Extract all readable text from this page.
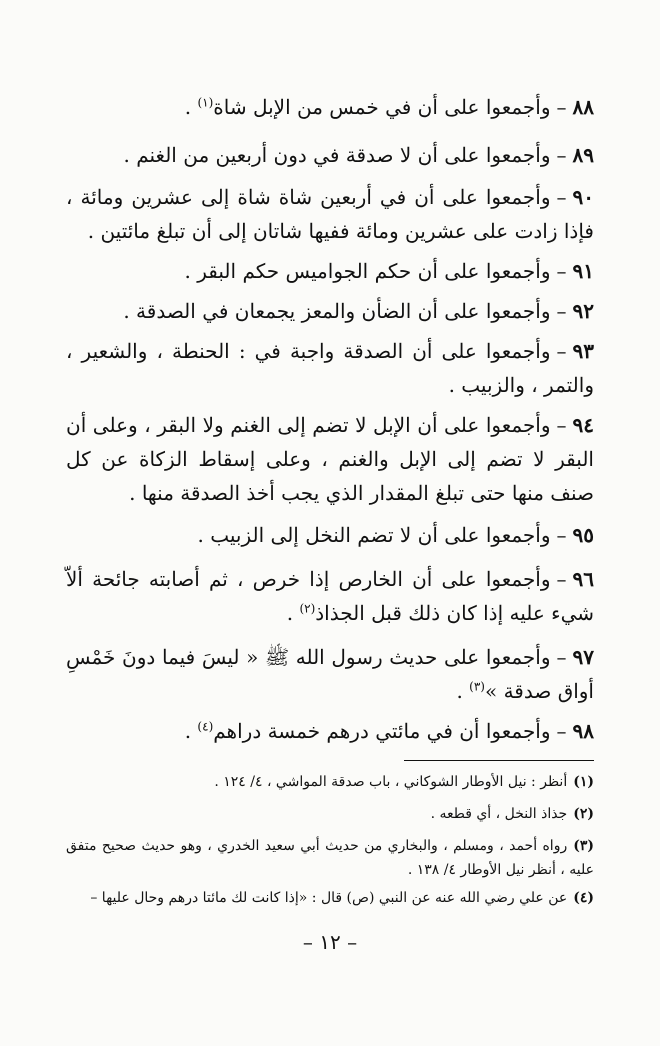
٨٨–وأجمعوا على أن في خمس من الإبل شاة$^{(١)}$ .
٨٩–وأجمعوا على أن لا صدقة في دون أربعين من الغنم .
٩٠–وأجمعوا على أن في أربعين شاة شاة إلى عشرين ومائة ، فإذا زادت على عشرين ومائة ففيها شاتان إلى أن تبلغ مائتين .
٩١–وأجمعوا على أن حكم الجواميس حكم البقر .
٩٢–وأجمعوا على أن الضأن والمعز يجمعان في الصدقة .
٩٣–وأجمعوا على أن الصدقة واجبة في : الحنطة ، والشعير ، والتمر ، والزبيب .
٩٤–وأجمعوا على أن الإبل لا تضم إلى الغنم ولا البقر ، وعلى أن البقر لا تضم إلى الإبل والغنم ، وعلى إسقاط الزكاة عن كل صنف منها حتى تبلغ المقدار الذي يجب أخذ الصدقة منها .
٩٥–وأجمعوا على أن لا تضم النخل إلى الزبيب .
٩٦–وأجمعوا على أن الخارص إذا خرص ، ثم أصابته جائحة ألاّ شيء عليه إذا كان ذلك قبل الجذاذ$^{(٢)}$ .
٩٧–وأجمعوا على حديث رسول الله ﷺ « ليسَ فيما دونَ خَمْسِ أواق صدقة »$^{(٣)}$ .
٩٨–وأجمعوا أن في مائتي درهم خمسة دراهم$^{(٤)}$ .
(١)أنظر : نيل الأوطار الشوكاني ، باب صدقة المواشي ، ٤/ ١٢٤ .
(٢)جذاذ النخل ، أي قطعه .
(٣)رواه أحمد ، ومسلم ، والبخاري من حديث أبي سعيد الخدري ، وهو حديث صحيح متفق عليه ، أنظر نيل الأوطار ٤/ ١٣٨ .
(٤)عن علي رضي الله عنه عن النبي (ص) قال : «إذا كانت لك مائتا درهم وحال عليها –
– ١٢ –
